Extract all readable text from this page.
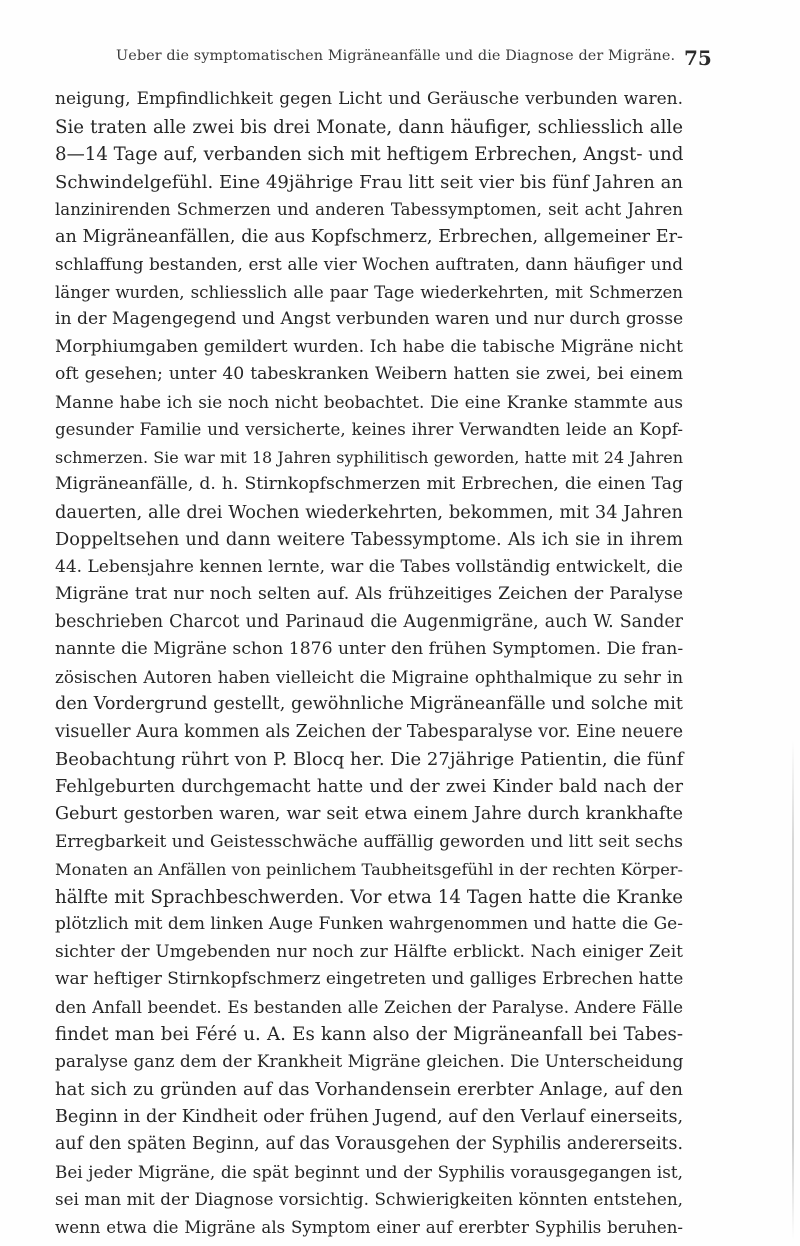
Ueber die symptomatischen Migräneanfälle und die Diagnose der Migräne. 75
neigung, Empfindlichkeit gegen Licht und Geräusche verbunden waren.
Sie traten alle zwei bis drei Monate, dann häufiger, schliesslich alle
8—14 Tage auf, verbanden sich mit heftigem Erbrechen, Angst- und
Schwindelgefühl. Eine 49jährige Frau litt seit vier bis fünf Jahren an
lanzinirenden Schmerzen und anderen Tabessymptomen, seit acht Jahren
an Migräneanfällen, die aus Kopfschmerz, Erbrechen, allgemeiner Er-
schlaffung bestanden, erst alle vier Wochen auftraten, dann häufiger und
länger wurden, schliesslich alle paar Tage wiederkehrten, mit Schmerzen
in der Magengegend und Angst verbunden waren und nur durch grosse
Morphiumgaben gemildert wurden. Ich habe die tabische Migräne nicht
oft gesehen; unter 40 tabeskranken Weibern hatten sie zwei, bei einem
Manne habe ich sie noch nicht beobachtet. Die eine Kranke stammte aus
gesunder Familie und versicherte, keines ihrer Verwandten leide an Kopf-
schmerzen. Sie war mit 18 Jahren syphilitisch geworden, hatte mit 24 Jahren
Migräneanfälle, d. h. Stirnkopfschmerzen mit Erbrechen, die einen Tag
dauerten, alle drei Wochen wiederkehrten, bekommen, mit 34 Jahren
Doppeltsehen und dann weitere Tabessymptome. Als ich sie in ihrem
44. Lebensjahre kennen lernte, war die Tabes vollständig entwickelt, die
Migräne trat nur noch selten auf. Als frühzeitiges Zeichen der Paralyse
beschrieben Charcot und Parinaud die Augenmigräne, auch W. Sander
nannte die Migräne schon 1876 unter den frühen Symptomen. Die fran-
zösischen Autoren haben vielleicht die Migraine ophthalmique zu sehr in
den Vordergrund gestellt, gewöhnliche Migräneanfälle und solche mit
visueller Aura kommen als Zeichen der Tabesparalyse vor. Eine neuere
Beobachtung rührt von P. Blocq her. Die 27jährige Patientin, die fünf
Fehlgeburten durchgemacht hatte und der zwei Kinder bald nach der
Geburt gestorben waren, war seit etwa einem Jahre durch krankhafte
Erregbarkeit und Geistesschwäche auffällig geworden und litt seit sechs
Monaten an Anfällen von peinlichem Taubheitsgefühl in der rechten Körper-
hälfte mit Sprachbeschwerden. Vor etwa 14 Tagen hatte die Kranke
plötzlich mit dem linken Auge Funken wahrgenommen und hatte die Ge-
sichter der Umgebenden nur noch zur Hälfte erblickt. Nach einiger Zeit
war heftiger Stirnkopfschmerz eingetreten und galliges Erbrechen hatte
den Anfall beendet. Es bestanden alle Zeichen der Paralyse. Andere Fälle
findet man bei Féré u. A. Es kann also der Migräneanfall bei Tabes-
paralyse ganz dem der Krankheit Migräne gleichen. Die Unterscheidung
hat sich zu gründen auf das Vorhandensein ererbter Anlage, auf den
Beginn in der Kindheit oder frühen Jugend, auf den Verlauf einerseits,
auf den späten Beginn, auf das Vorausgehen der Syphilis andererseits.
Bei jeder Migräne, die spät beginnt und der Syphilis vorausgegangen ist,
sei man mit der Diagnose vorsichtig. Schwierigkeiten könnten entstehen,
wenn etwa die Migräne als Symptom einer auf ererbter Syphilis beruhen-
